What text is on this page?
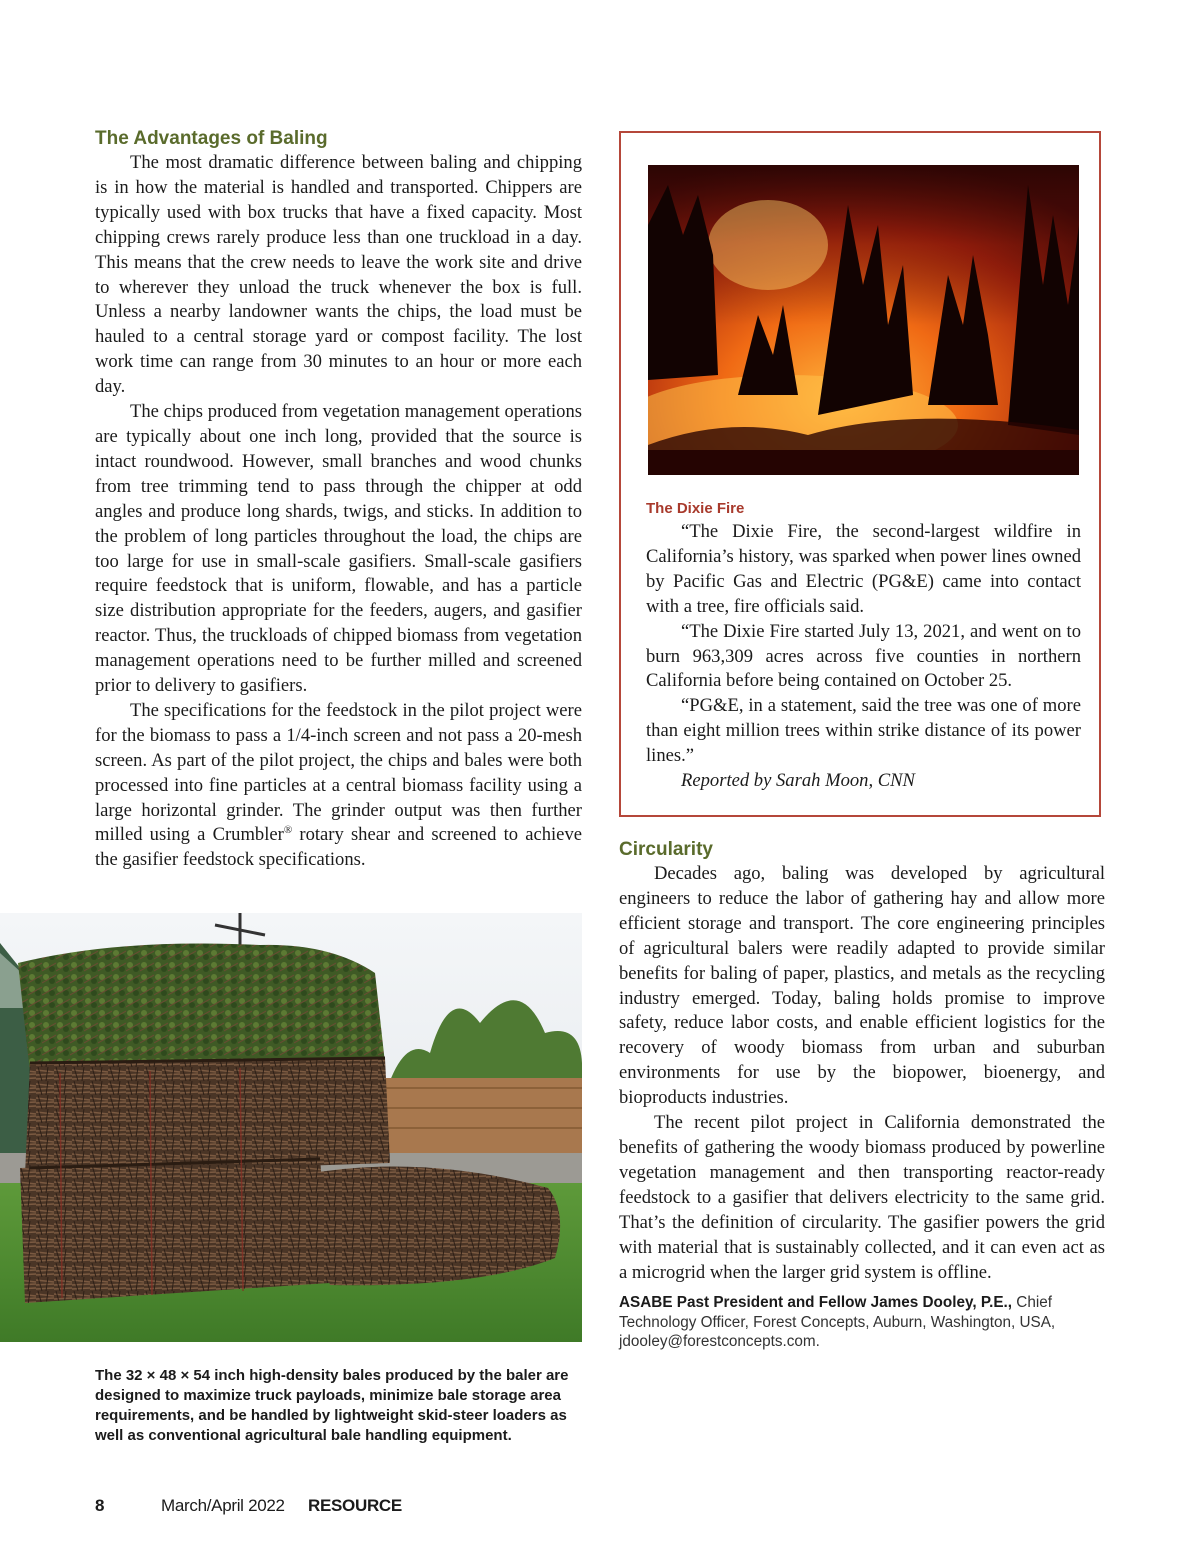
The Advantages of Baling

The most dramatic difference between baling and chipping is in how the material is handled and transported. Chippers are typically used with box trucks that have a fixed capacity. Most chipping crews rarely produce less than one truckload in a day. This means that the crew needs to leave the work site and drive to wherever they unload the truck whenever the box is full. Unless a nearby landowner wants the chips, the load must be hauled to a central storage yard or compost facility. The lost work time can range from 30 minutes to an hour or more each day.

The chips produced from vegetation management operations are typically about one inch long, provided that the source is intact roundwood. However, small branches and wood chunks from tree trimming tend to pass through the chipper at odd angles and produce long shards, twigs, and sticks. In addition to the problem of long particles throughout the load, the chips are too large for use in small-scale gasifiers. Small-scale gasifiers require feedstock that is uniform, flowable, and has a particle size distribution appropriate for the feeders, augers, and gasifier reactor. Thus, the truckloads of chipped biomass from vegetation management operations need to be further milled and screened prior to delivery to gasifiers.

The specifications for the feedstock in the pilot project were for the biomass to pass a 1/4-inch screen and not pass a 20-mesh screen. As part of the pilot project, the chips and bales were both processed into fine particles at a central biomass facility using a large horizontal grinder. The grinder output was then further milled using a Crumbler® rotary shear and screened to achieve the gasifier feedstock specifications.

The 32 × 48 × 54 inch high-density bales produced by the baler are designed to maximize truck payloads, minimize bale storage area requirements, and be handled by lightweight skid-steer loaders as well as conventional agricultural bale handling equipment.

The Dixie Fire

“The Dixie Fire, the second-largest wildfire in California’s history, was sparked when power lines owned by Pacific Gas and Electric (PG&E) came into contact with a tree, fire officials said.

“The Dixie Fire started July 13, 2021, and went on to burn 963,309 acres across five counties in northern California before being contained on October 25.

“PG&E, in a statement, said the tree was one of more than eight million trees within strike distance of its power lines.”

Reported by Sarah Moon, CNN

Circularity

Decades ago, baling was developed by agricultural engineers to reduce the labor of gathering hay and allow more efficient storage and transport. The core engineering principles of agricultural balers were readily adapted to provide similar benefits for baling of paper, plastics, and metals as the recycling industry emerged. Today, baling holds promise to improve safety, reduce labor costs, and enable efficient logistics for the recovery of woody biomass from urban and suburban environments for use by the biopower, bioenergy, and bioproducts industries.

The recent pilot project in California demonstrated the benefits of gathering the woody biomass produced by powerline vegetation management and then transporting reactor-ready feedstock to a gasifier that delivers electricity to the same grid. That’s the definition of circularity. The gasifier powers the grid with material that is sustainably collected, and it can even act as a microgrid when the larger grid system is offline.

ASABE Past President and Fellow James Dooley, P.E., Chief Technology Officer, Forest Concepts, Auburn, Washington, USA, jdooley@forestconcepts.com.
8	March/April 2022 RESOURCE
